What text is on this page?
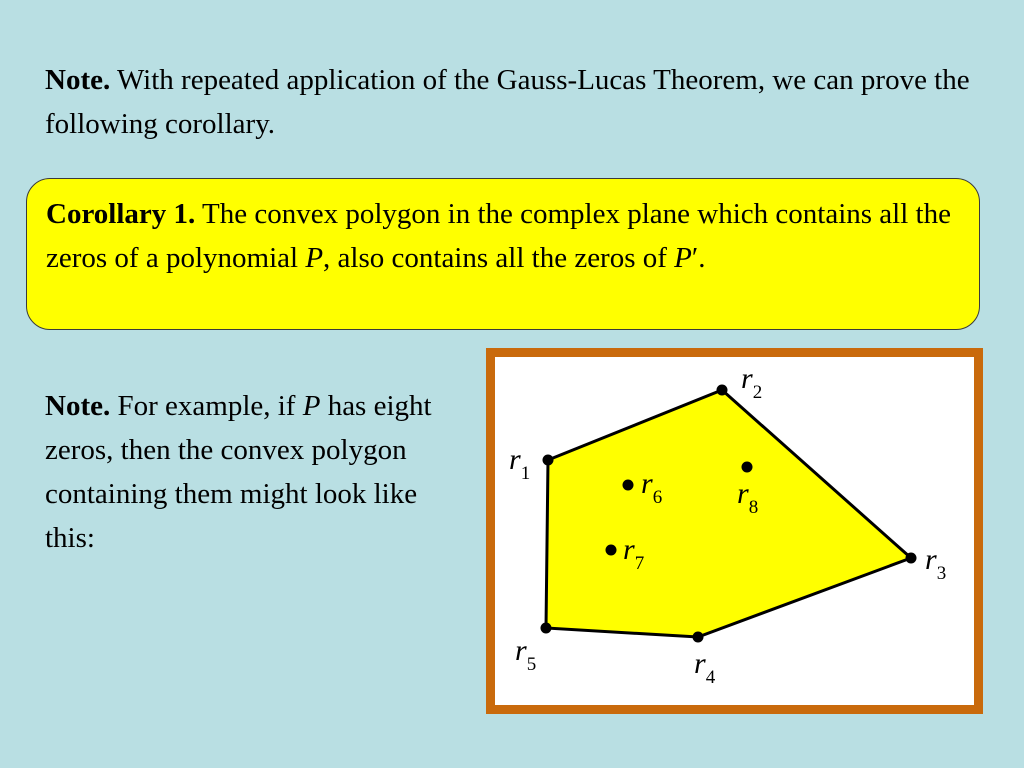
Note. With repeated application of the Gauss-Lucas Theorem, we can prove the following corollary.
Corollary 1. The convex polygon in the complex plane which contains all the zeros of a polynomial P, also contains all the zeros of P′.
Note. For example, if P has eight zeros, then the convex polygon containing them might look like this:
r1
r2
r3
r4
r5
r6
r7
r8
